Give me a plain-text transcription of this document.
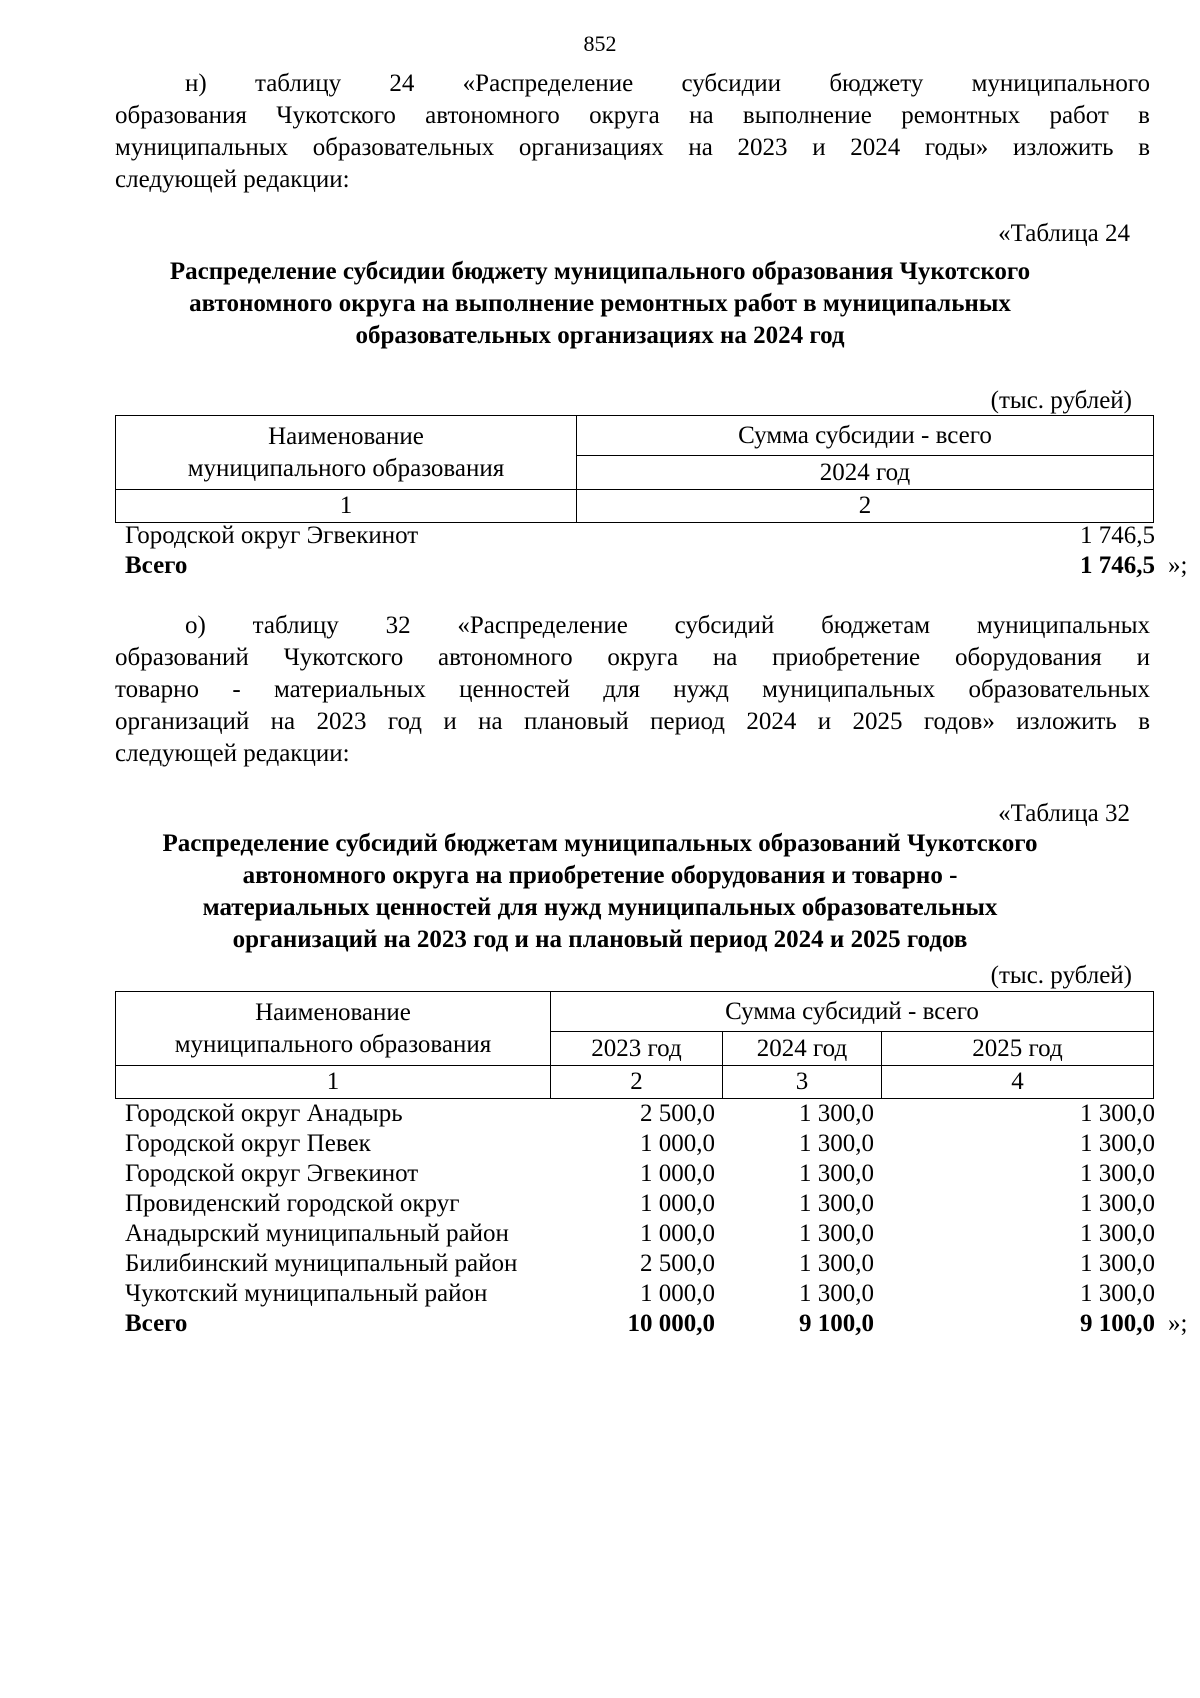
852
н) таблицу 24 «Распределение субсидии бюджету муниципального
образования Чукотского автономного округа на выполнение ремонтных работ в
муниципальных образовательных организациях на 2023 и 2024 годы» изложить в
следующей редакции:
«Таблица 24
Распределение субсидии бюджету муниципального образования Чукотского
автономного округа на выполнение ремонтных работ в муниципальных
образовательных организациях на 2024 год
(тыс. рублей)
Наименование
муниципального образования	Сумма субсидии - всего
	2024 год
1	2
Городской округ Эгвекинот	1 746,5
Всего	1 746,5 »;
о) таблицу 32 «Распределение субсидий бюджетам муниципальных
образований Чукотского автономного округа на приобретение оборудования и
товарно - материальных ценностей для нужд муниципальных образовательных
организаций на 2023 год и на плановый период 2024 и 2025 годов» изложить в
следующей редакции:
«Таблица 32
Распределение субсидий бюджетам муниципальных образований Чукотского
автономного округа на приобретение оборудования и товарно -
материальных ценностей для нужд муниципальных образовательных
организаций на 2023 год и на плановый период 2024 и 2025 годов
(тыс. рублей)
Наименование
муниципального образования	Сумма субсидий - всего		
	2023 год	2024 год	2025 год
1	2	3	4
Городской округ Анадырь	2 500,0	1 300,0	1 300,0
Городской округ Певек	1 000,0	1 300,0	1 300,0
Городской округ Эгвекинот	1 000,0	1 300,0	1 300,0
Провиденский городской округ	1 000,0	1 300,0	1 300,0
Анадырский муниципальный район	1 000,0	1 300,0	1 300,0
Билибинский муниципальный район	2 500,0	1 300,0	1 300,0
Чукотский муниципальный район	1 000,0	1 300,0	1 300,0
Всего	10 000,0	9 100,0	9 100,0 »;
